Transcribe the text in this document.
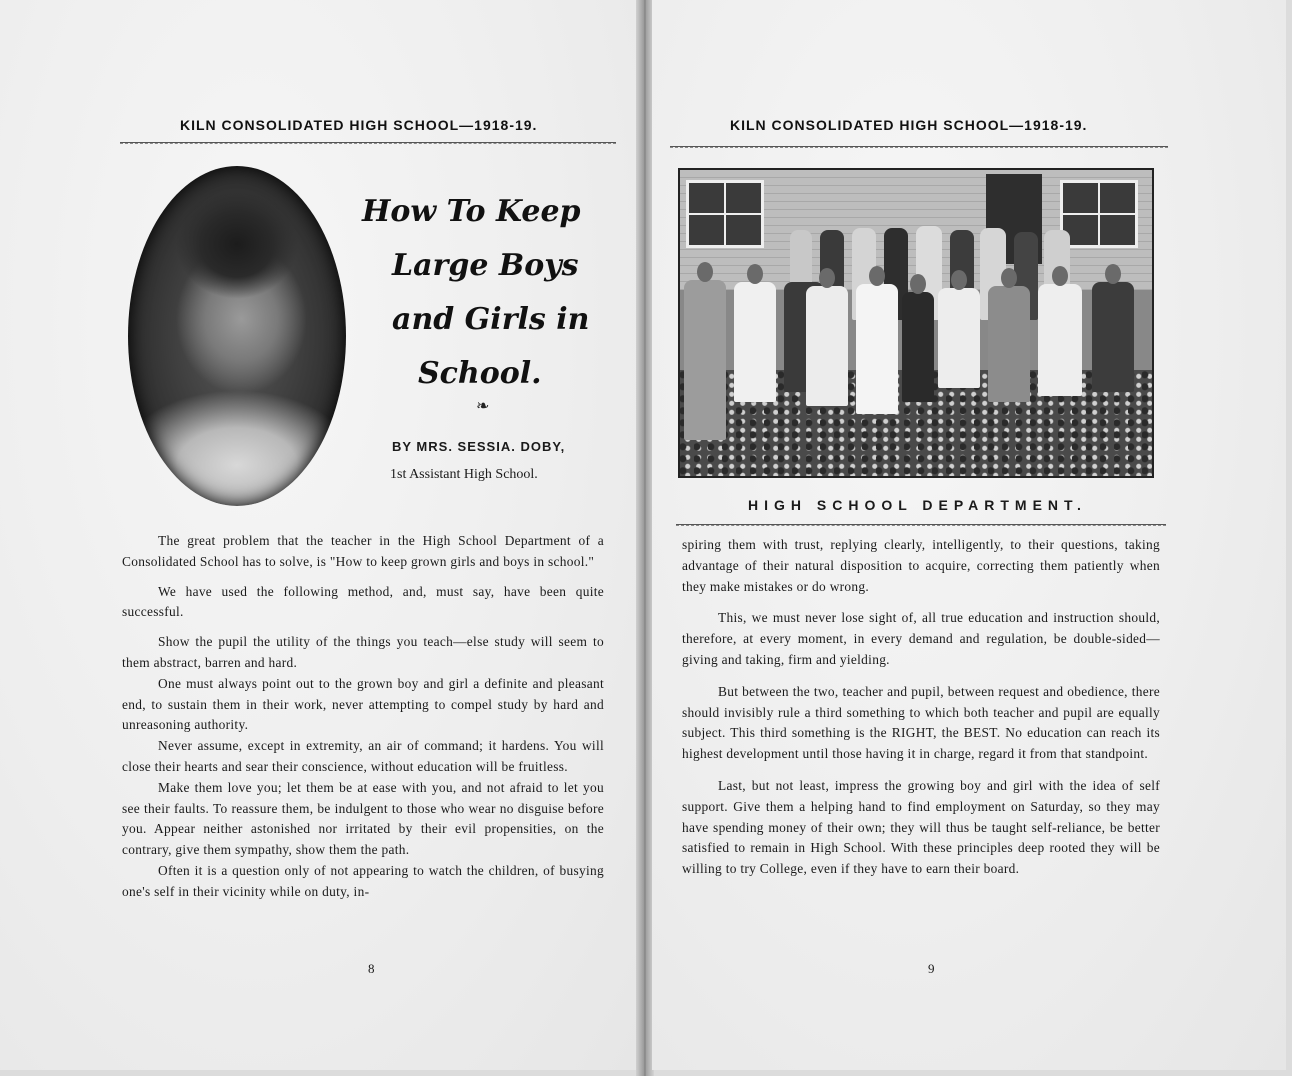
KILN CONSOLIDATED HIGH SCHOOL—1918-19.
How To Keep
Large Boys
and Girls in
School.
❧
BY MRS. SESSIA. DOBY,
1st Assistant High School.

The great problem that the teacher in the High School Department of a Consolidated School has to solve, is "How to keep grown girls and boys in school."

We have used the following method, and, must say, have been quite successful.

Show the pupil the utility of the things you teach—else study will seem to them abstract, barren and hard.

One must always point out to the grown boy and girl a definite and pleasant end, to sustain them in their work, never attempting to compel study by hard and unreasoning authority.

Never assume, except in extremity, an air of command; it hardens. You will close their hearts and sear their conscience, without education will be fruitless.

Make them love you; let them be at ease with you, and not afraid to let you see their faults. To reassure them, be indulgent to those who wear no disguise before you. Appear neither astonished nor irritated by their evil propensities, on the contrary, give them sympathy, show them the path.

Often it is a question only of not appearing to watch the children, of busying one's self in their vicinity while on duty, in-

8
KILN CONSOLIDATED HIGH SCHOOL—1918-19.
HIGH SCHOOL DEPARTMENT.

spiring them with trust, replying clearly, intelligently, to their questions, taking advantage of their natural disposition to acquire, correcting them patiently when they make mistakes or do wrong.

This, we must never lose sight of, all true education and instruction should, therefore, at every moment, in every demand and regulation, be double-sided—giving and taking, firm and yielding.

But between the two, teacher and pupil, between request and obedience, there should invisibly rule a third something to which both teacher and pupil are equally subject. This third something is the RIGHT, the BEST. No education can reach its highest development until those having it in charge, regard it from that standpoint.

Last, but not least, impress the growing boy and girl with the idea of self support. Give them a helping hand to find employment on Saturday, so they may have spending money of their own; they will thus be taught self-reliance, be better satisfied to remain in High School. With these principles deep rooted they will be willing to try College, even if they have to earn their board.

9
